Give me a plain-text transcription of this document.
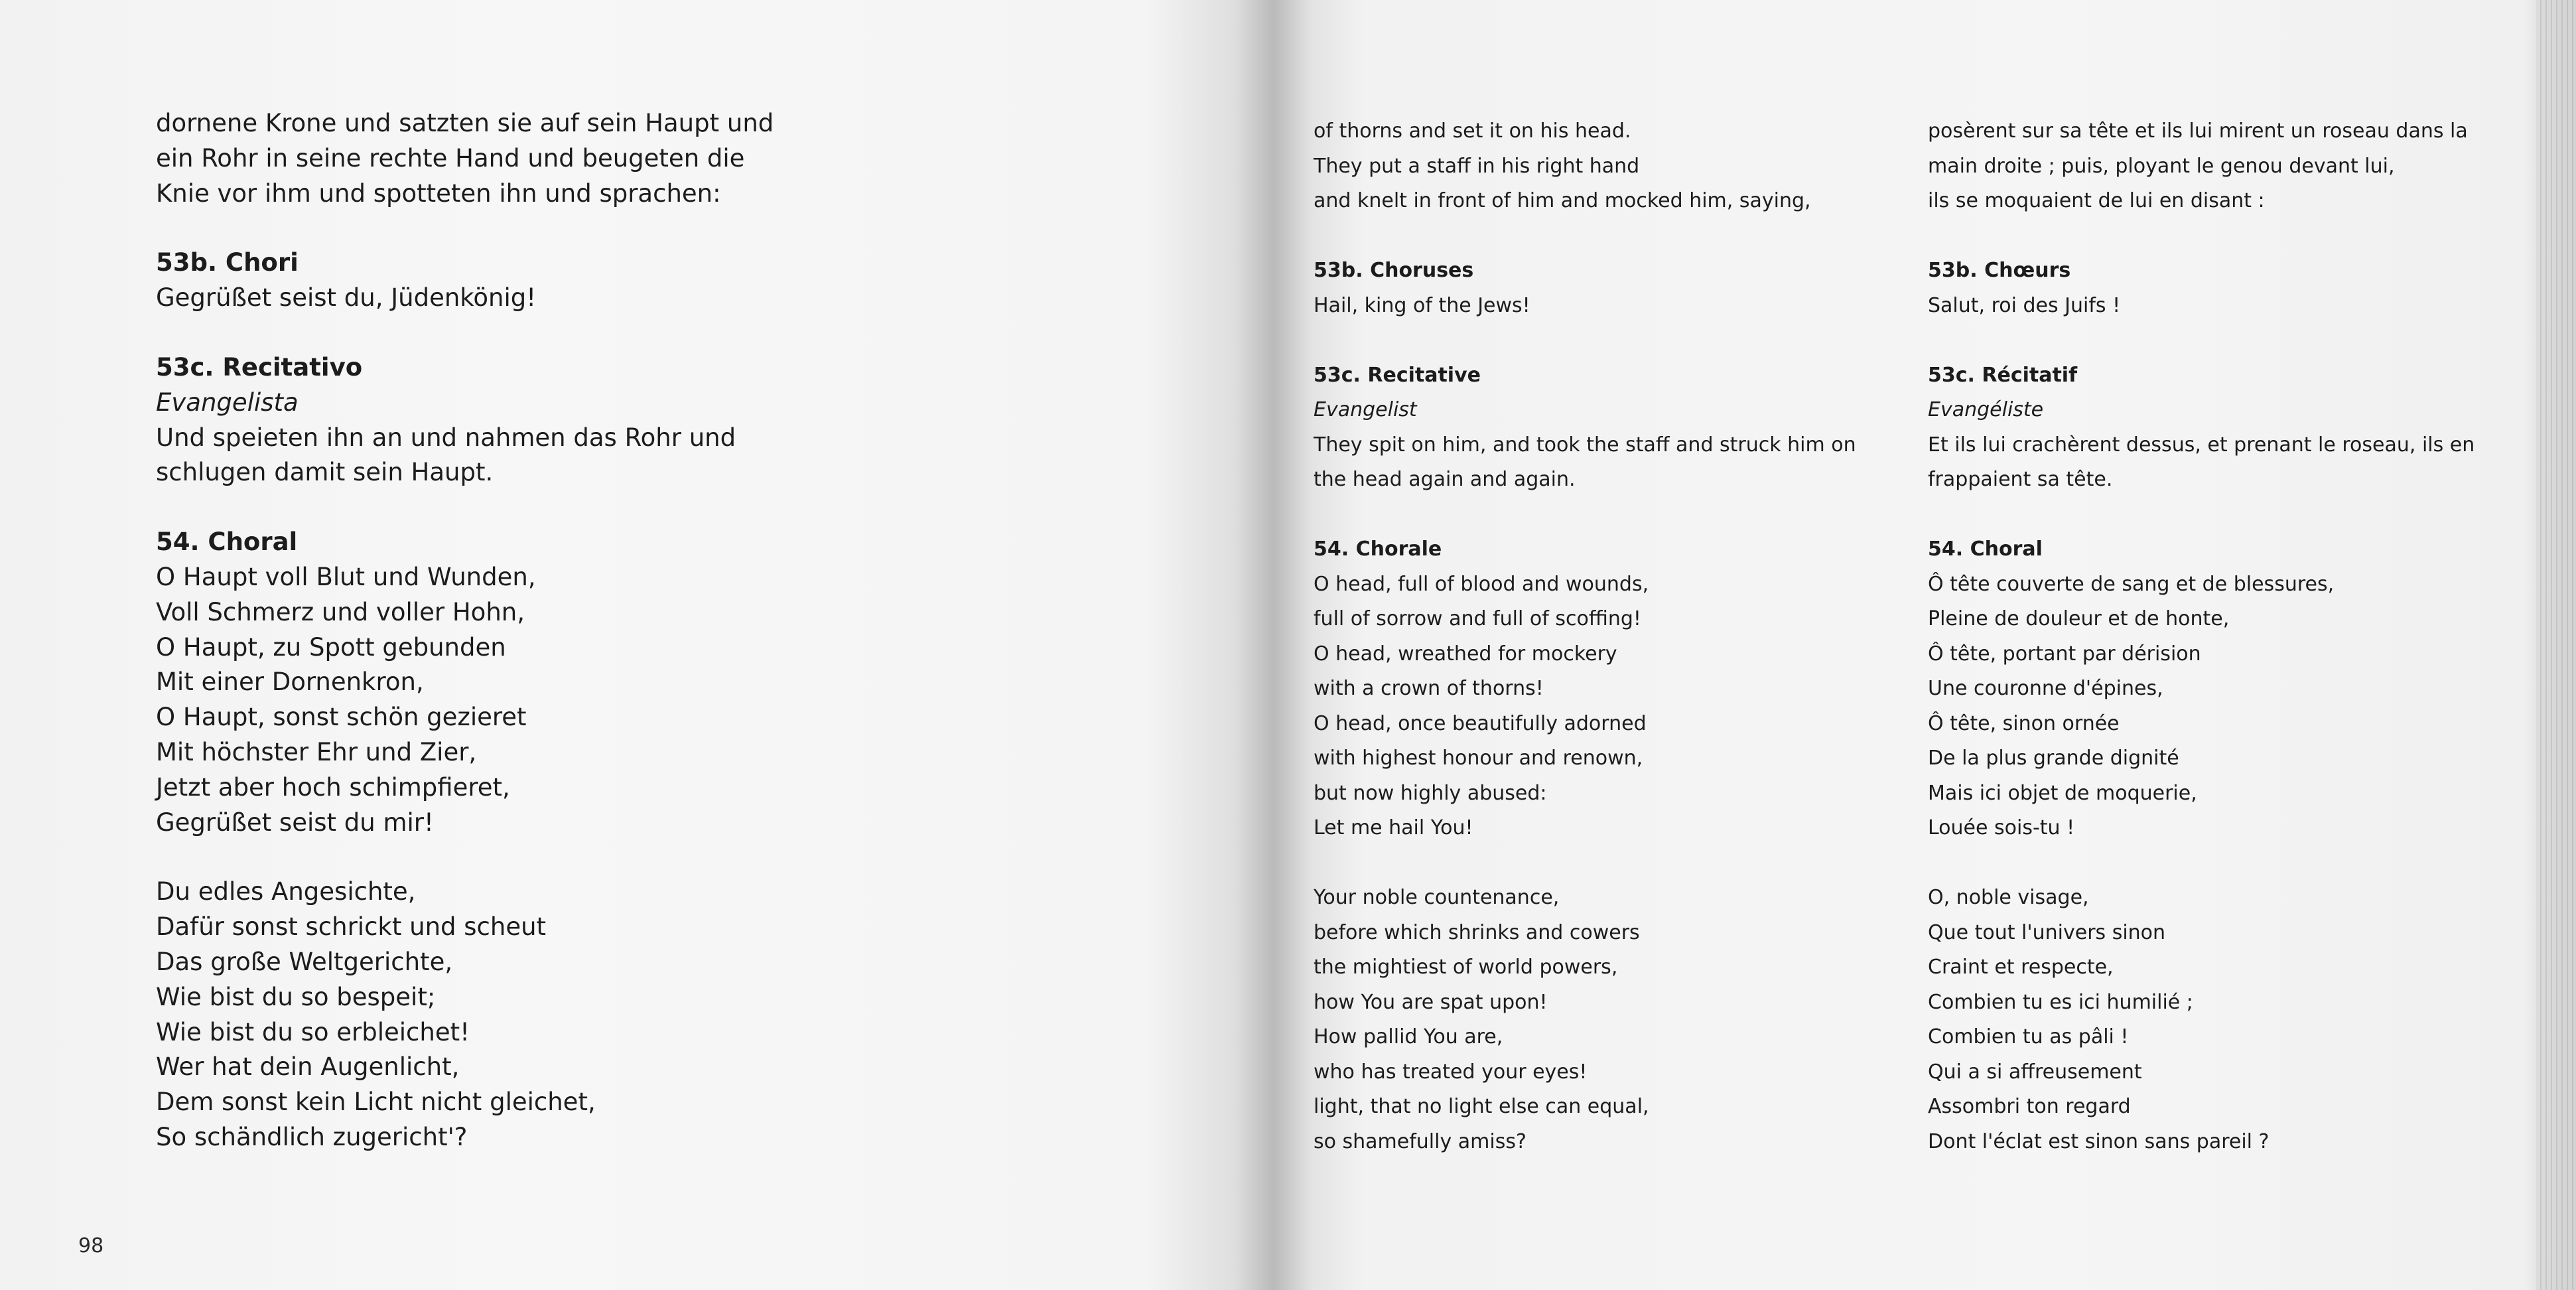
dornene Krone und satzten sie auf sein Haupt und
ein Rohr in seine rechte Hand und beugeten die
Knie vor ihm und spotteten ihn und sprachen:
53b. Chori
Gegrüßet seist du, Jüdenkönig!
53c. Recitativo
Evangelista
Und speieten ihn an und nahmen das Rohr und
schlugen damit sein Haupt.
54. Choral
O Haupt voll Blut und Wunden,
Voll Schmerz und voller Hohn,
O Haupt, zu Spott gebunden
Mit einer Dornenkron,
O Haupt, sonst schön gezieret
Mit höchster Ehr und Zier,
Jetzt aber hoch schimpfieret,
Gegrüßet seist du mir!
Du edles Angesichte,
Dafür sonst schrickt und scheut
Das große Weltgerichte,
Wie bist du so bespeit;
Wie bist du so erbleichet!
Wer hat dein Augenlicht,
Dem sonst kein Licht nicht gleichet,
So schändlich zugericht'?
98
of thorns and set it on his head.
They put a staff in his right hand
and knelt in front of him and mocked him, saying,
53b. Choruses
Hail, king of the Jews!
53c. Recitative
Evangelist
They spit on him, and took the staff and struck him on
the head again and again.
54. Chorale
O head, full of blood and wounds,
full of sorrow and full of scoffing!
O head, wreathed for mockery
with a crown of thorns!
O head, once beautifully adorned
with highest honour and renown,
but now highly abused:
Let me hail You!
Your noble countenance,
before which shrinks and cowers
the mightiest of world powers,
how You are spat upon!
How pallid You are,
who has treated your eyes!
light, that no light else can equal,
so shamefully amiss?
posèrent sur sa tête et ils lui mirent un roseau dans la
main droite ; puis, ployant le genou devant lui,
ils se moquaient de lui en disant :
53b. Chœurs
Salut, roi des Juifs !
53c. Récitatif
Evangéliste
Et ils lui crachèrent dessus, et prenant le roseau, ils en
frappaient sa tête.
54. Choral
Ô tête couverte de sang et de blessures,
Pleine de douleur et de honte,
Ô tête, portant par dérision
Une couronne d'épines,
Ô tête, sinon ornée
De la plus grande dignité
Mais ici objet de moquerie,
Louée sois-tu !
O, noble visage,
Que tout l'univers sinon
Craint et respecte,
Combien tu es ici humilié ;
Combien tu as pâli !
Qui a si affreusement
Assombri ton regard
Dont l'éclat est sinon sans pareil ?
